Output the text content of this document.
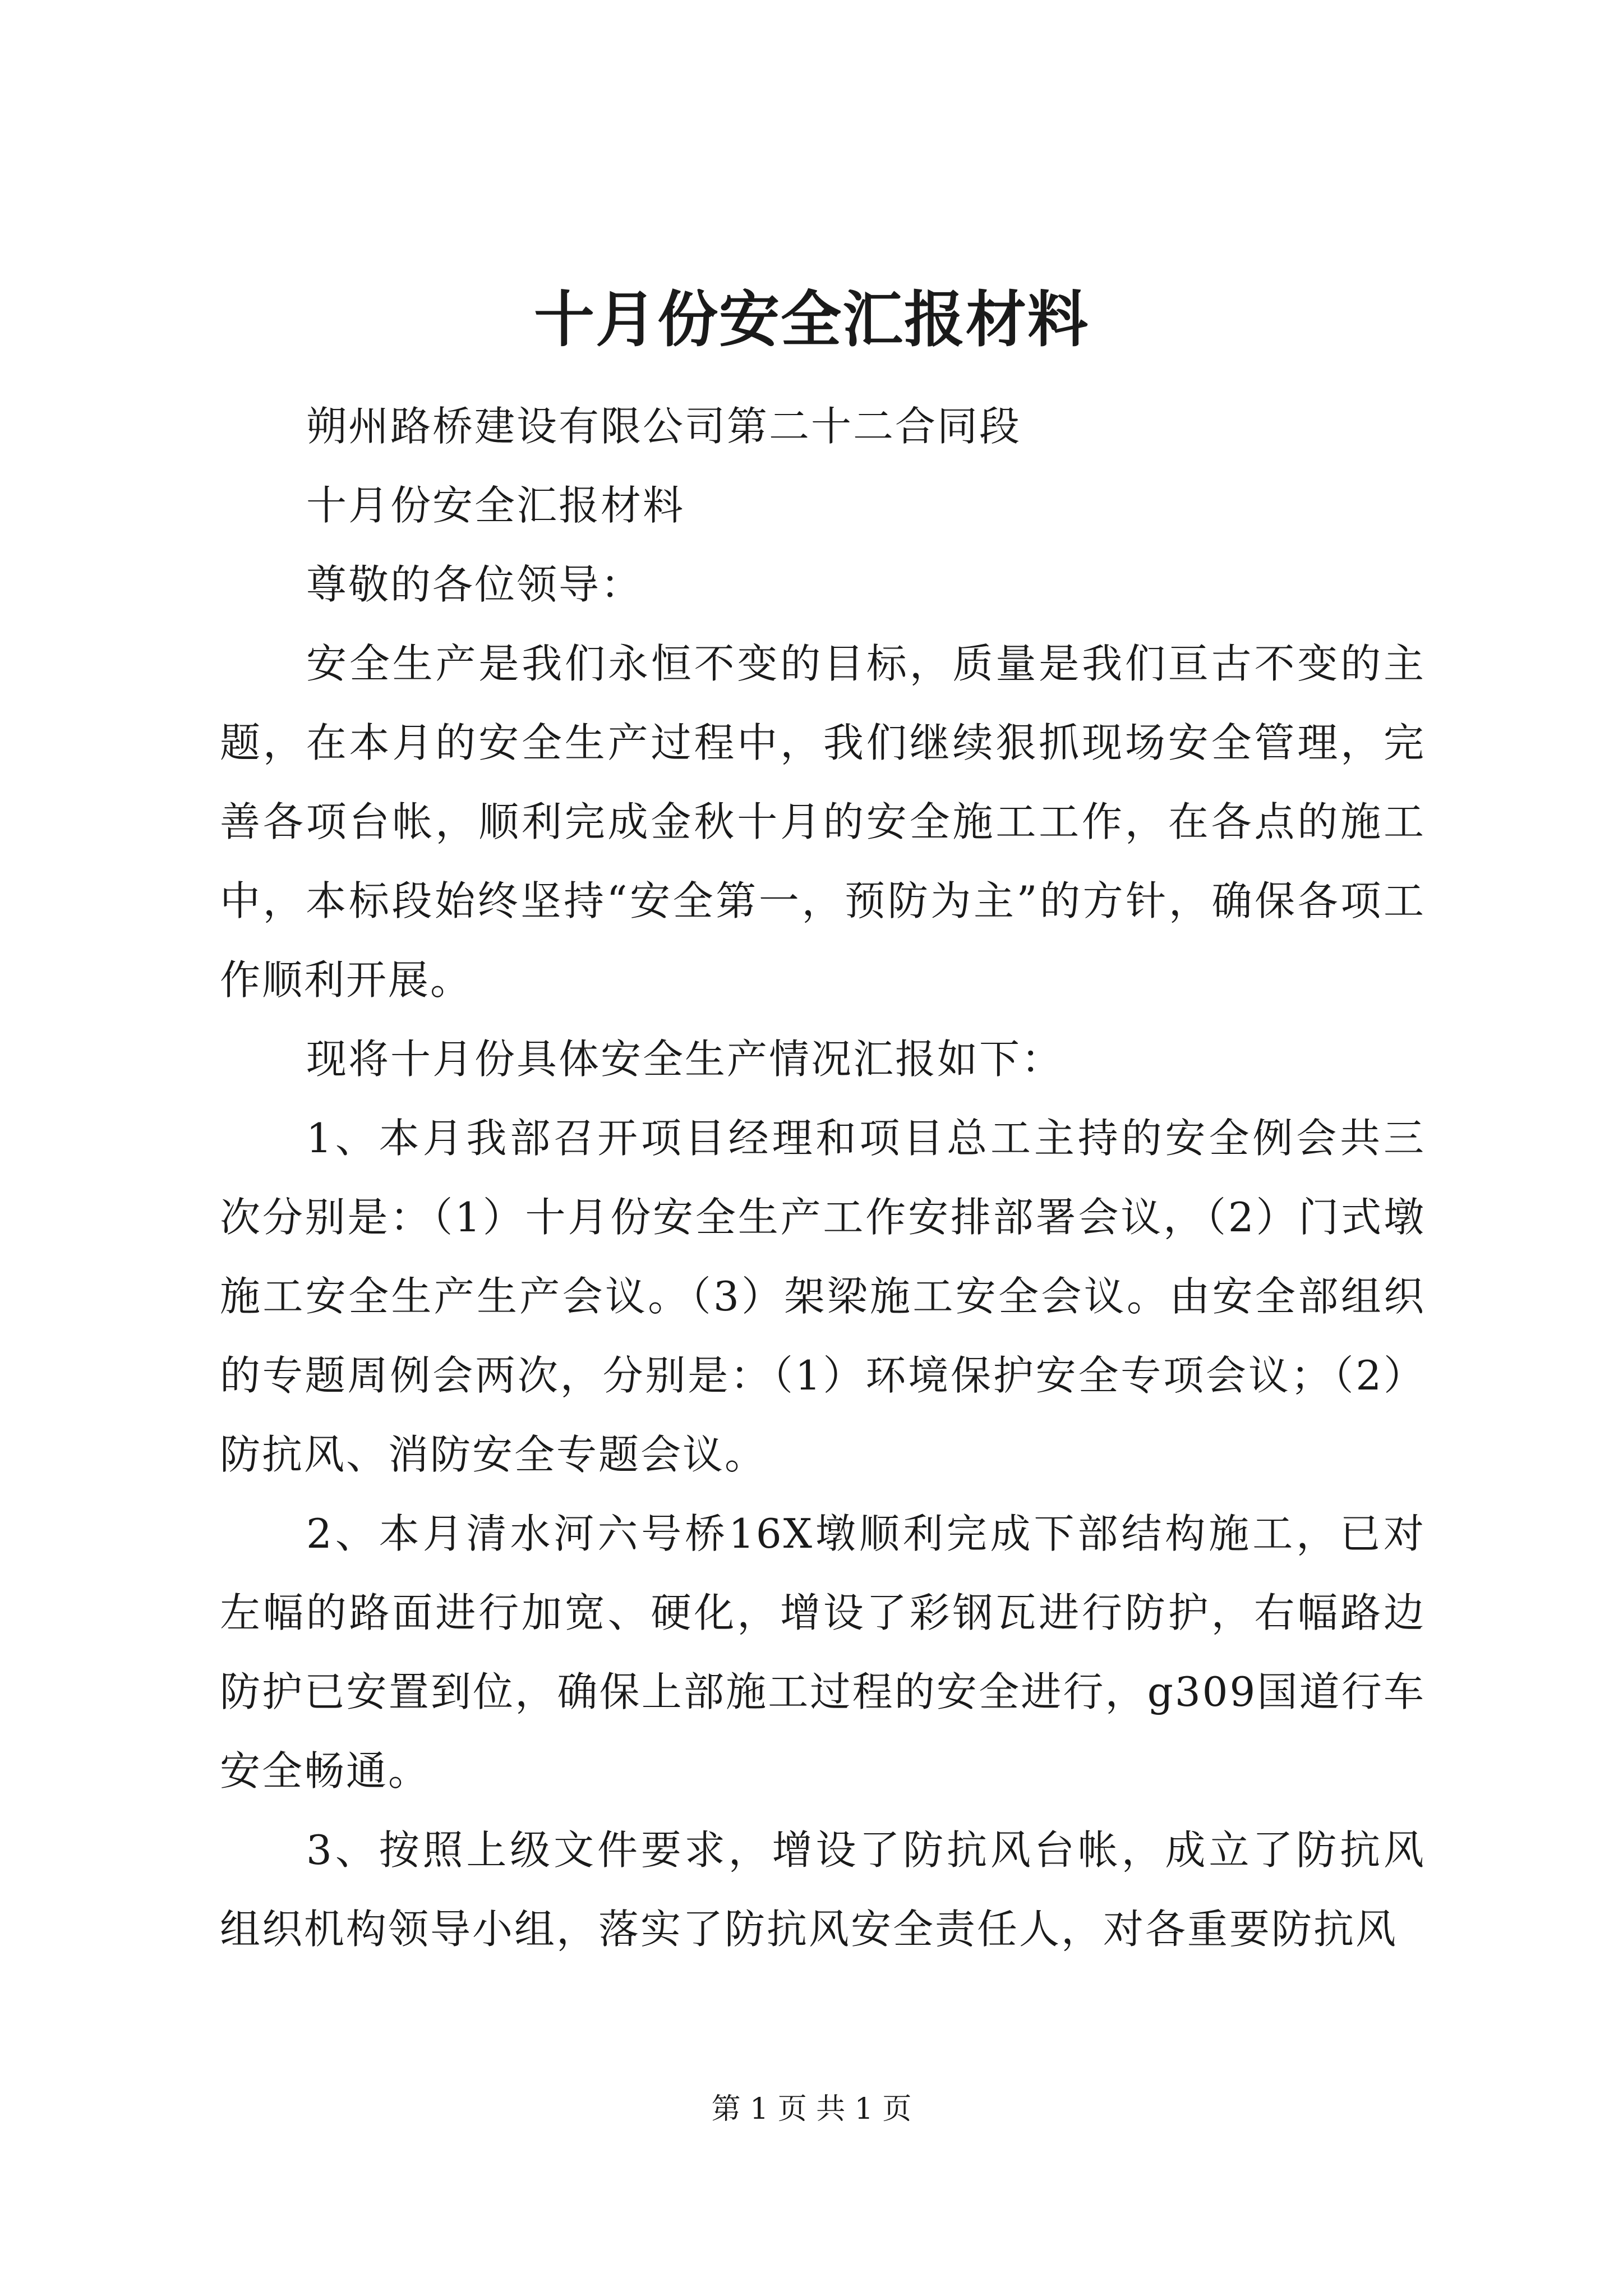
十月份安全汇报材料

朔州路桥建设有限公司第二十二合同段

十月份安全汇报材料

尊敬的各位领导：

安全生产是我们永恒不变的目标，质量是我们亘古不变的主题，在本月的安全生产过程中，我们继续狠抓现场安全管理，完善各项台帐，顺利完成金秋十月的安全施工工作，在各点的施工中，本标段始终坚持“安全第一，预防为主”的方针，确保各项工作顺利开展。

现将十月份具体安全生产情况汇报如下：

1、本月我部召开项目经理和项目总工主持的安全例会共三次分别是：（1）十月份安全生产工作安排部署会议，（2）门式墩施工安全生产生产会议。（3）架梁施工安全会议。由安全部组织的专题周例会两次，分别是：（1）环境保护安全专项会议；（2）防抗风、消防安全专题会议。

2、本月清水河六号桥16X墩顺利完成下部结构施工，已对左幅的路面进行加宽、硬化，增设了彩钢瓦进行防护，右幅路边防护已安置到位，确保上部施工过程的安全进行，g309国道行车安全畅通。

3、按照上级文件要求，增设了防抗风台帐，成立了防抗风组织机构领导小组，落实了防抗风安全责任人，对各重要防抗风

第 1 页 共 1 页
